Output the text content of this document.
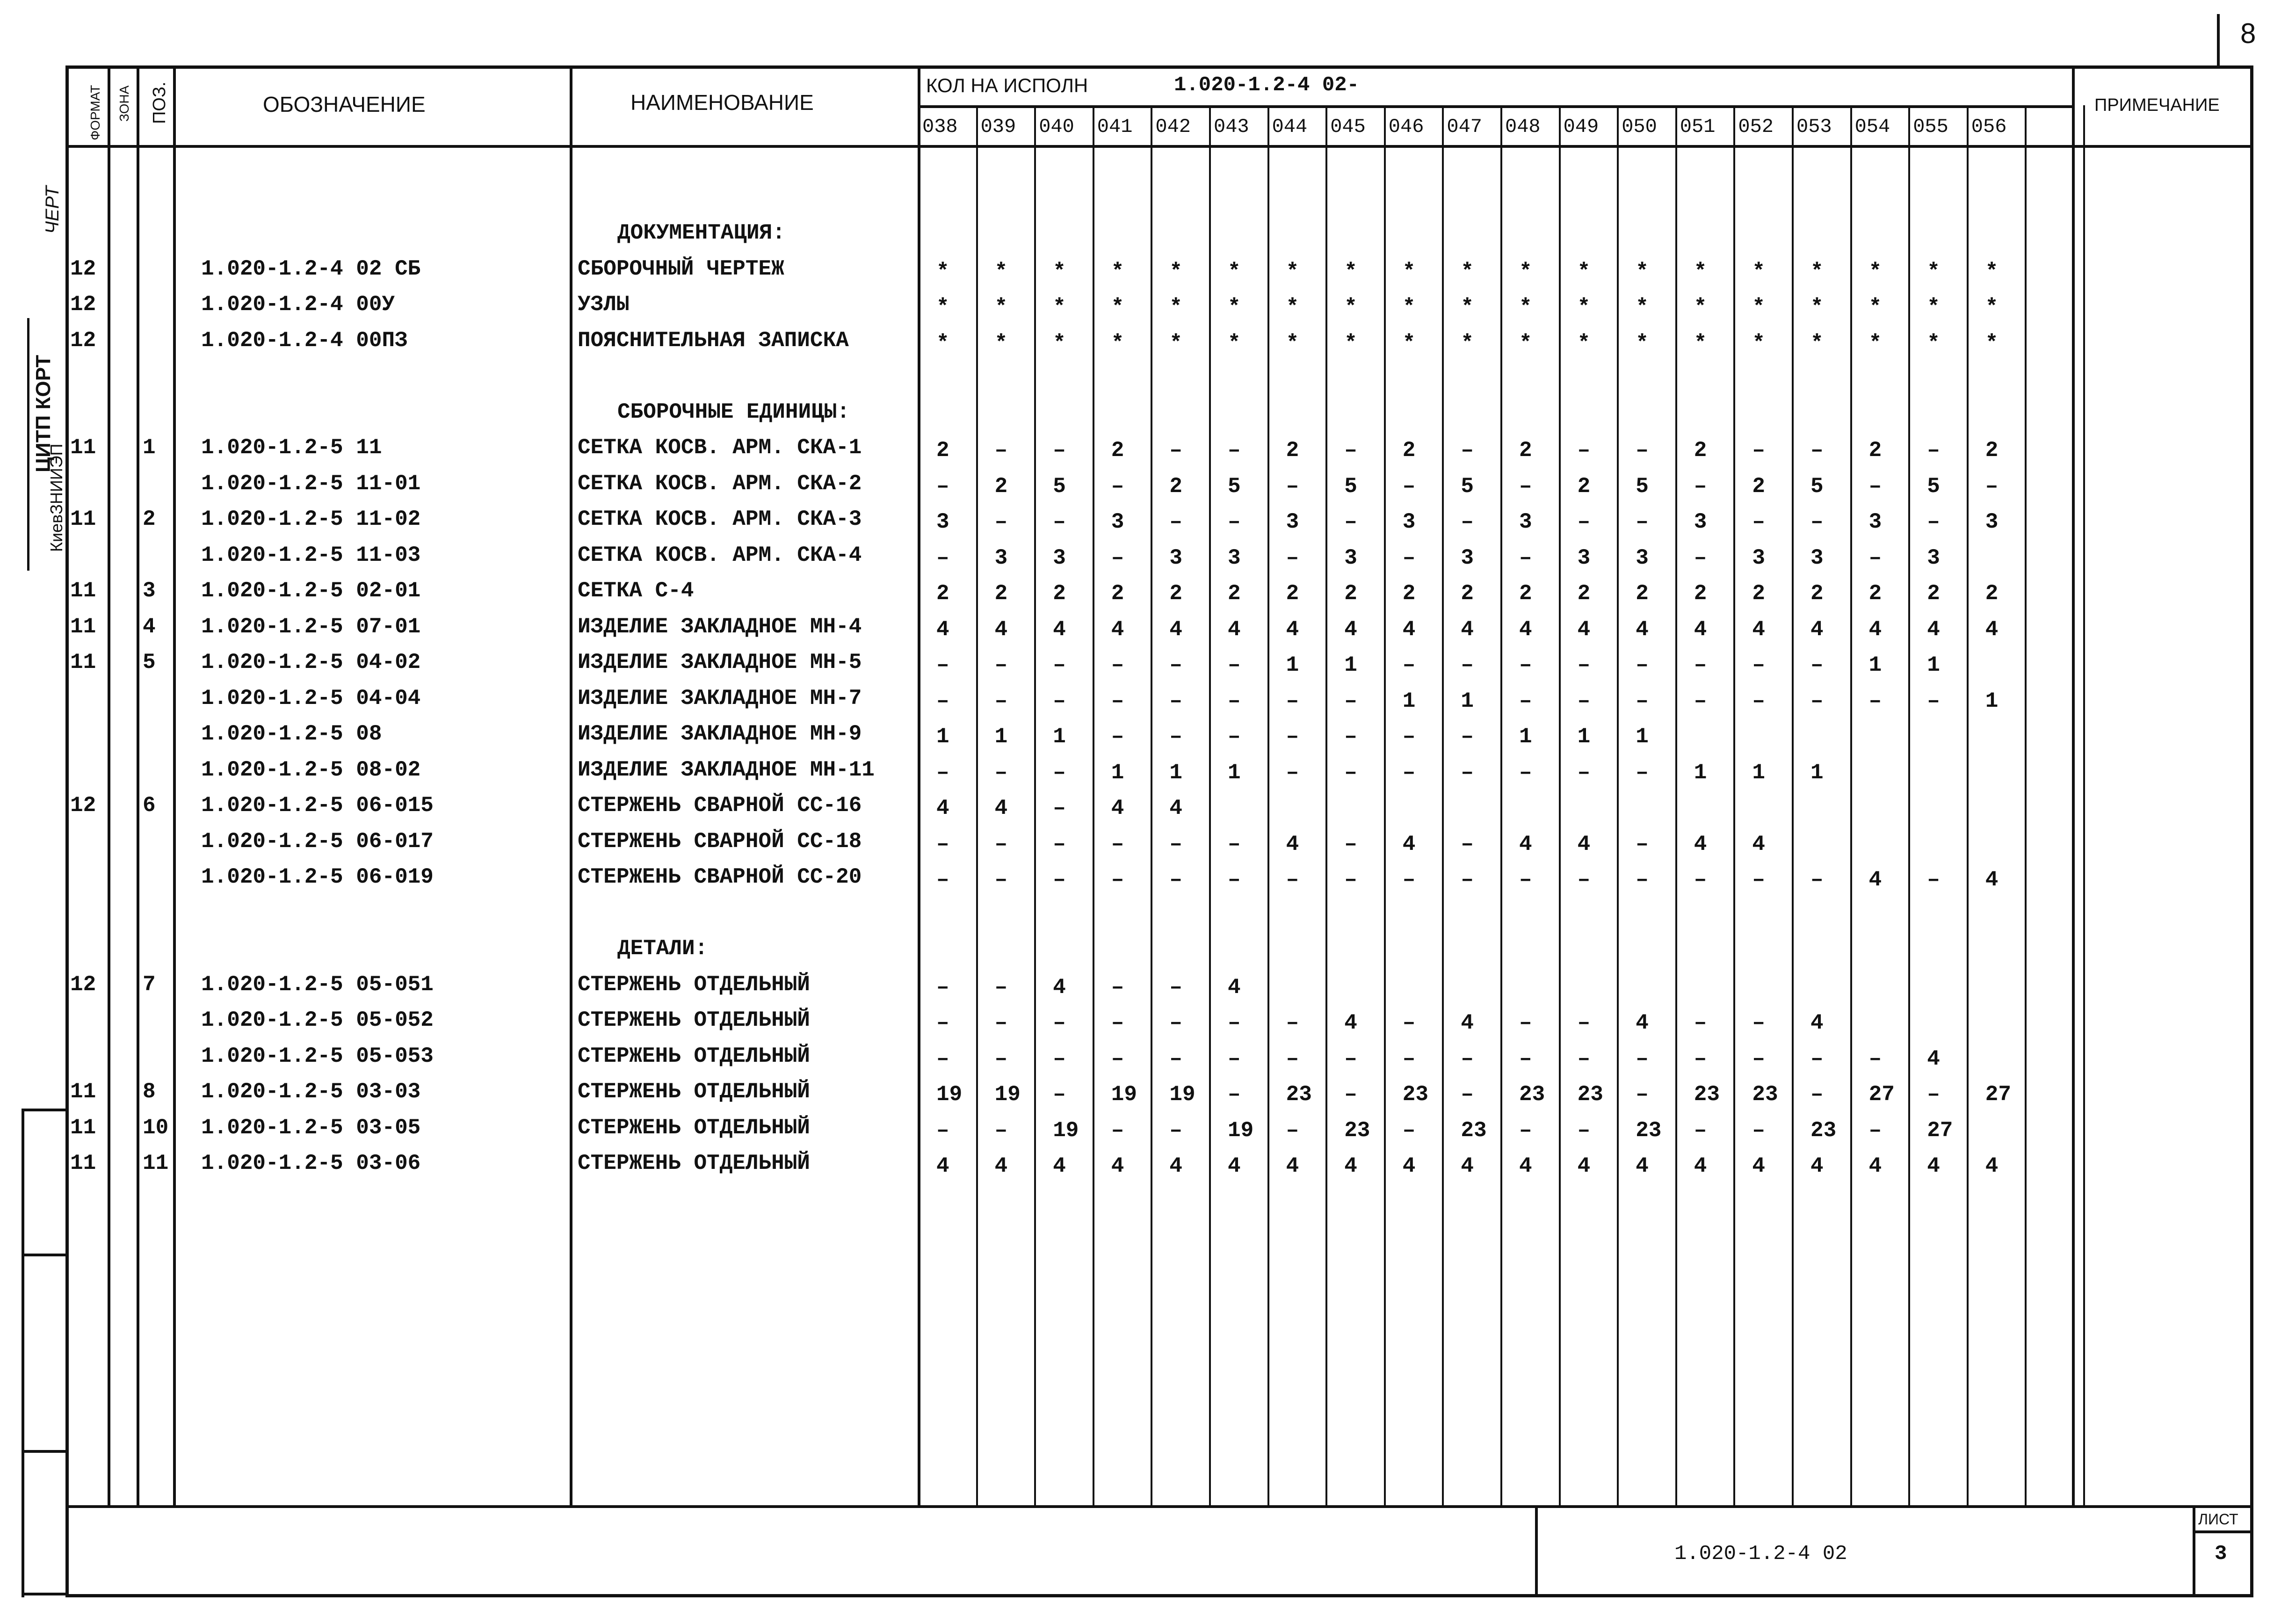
8
ЦИТП КОРТ
КиевЗНИИЭП
ЧЕРТ
ФОРМАТ ЗОНА ПОЗ.	ОБОЗНАЧЕНИЕ	НАИМЕНОВАНИЕ
КОЛ НА ИСПОЛН	1.020-1.2-4 02-
ПРИМЕЧАНИЕ
038 039 040 041 042 043 044 045 046 047 048 049 050 051 052 053 054 055 056
ДОКУМЕНТАЦИЯ:
12	1.020-1.2-4 02 СБ	СБОРОЧНЫЙ ЧЕРТЕЖ	* * * * * * * * * * * * * * * * * * *
12	1.020-1.2-4 00У	УЗЛЫ	* * * * * * * * * * * * * * * * * * *
12	1.020-1.2-4 00ПЗ	ПОЯСНИТЕЛЬНАЯ ЗАПИСКА	* * * * * * * * * * * * * * * * * * *
СБОРОЧНЫЕ ЕДИНИЦЫ:
11 1 1.020-1.2-5 11	СЕТКА КОСВ. АРМ. СКА-1	2 – – 2 – – 2 – 2 – 2 – – 2 – – 2 – 2
1.020-1.2-5 11-01	СЕТКА КОСВ. АРМ. СКА-2	– 2 5 – 2 5 – 5 – 5 – 2 5 – 2 5 – 5 –
11 2 1.020-1.2-5 11-02	СЕТКА КОСВ. АРМ. СКА-3	3 – – 3 – – 3 – 3 – 3 – – 3 – – 3 – 3
1.020-1.2-5 11-03	СЕТКА КОСВ. АРМ. СКА-4	– 3 3 – 3 3 – 3 – 3 – 3 3 – 3 3 – 3
11 3 1.020-1.2-5 02-01	СЕТКА С-4	2 2 2 2 2 2 2 2 2 2 2 2 2 2 2 2 2 2 2
11 4 1.020-1.2-5 07-01	ИЗДЕЛИЕ ЗАКЛАДНОЕ МН-4	4 4 4 4 4 4 4 4 4 4 4 4 4 4 4 4 4 4 4
11 5 1.020-1.2-5 04-02	ИЗДЕЛИЕ ЗАКЛАДНОЕ МН-5	– – – – – – 1 1 – – – – – – – – 1 1
1.020-1.2-5 04-04	ИЗДЕЛИЕ ЗАКЛАДНОЕ МН-7	– – – – – – – – 1 1 – – – – – – – – 1
1.020-1.2-5 08	ИЗДЕЛИЕ ЗАКЛАДНОЕ МН-9	1 1 1 – – – – – – – 1 1 1
1.020-1.2-5 08-02	ИЗДЕЛИЕ ЗАКЛАДНОЕ МН-11	– – – 1 1 1 – – – – – – – 1 1 1
12 6 1.020-1.2-5 06-015	СТЕРЖЕНЬ СВАРНОЙ СС-16	4 4 – 4 4
1.020-1.2-5 06-017	СТЕРЖЕНЬ СВАРНОЙ СС-18	– – – – – – 4 – 4 – 4 4 – 4 4
1.020-1.2-5 06-019	СТЕРЖЕНЬ СВАРНОЙ СС-20	– – – – – – – – – – – – – – – – 4 – 4
ДЕТАЛИ:
12 7 1.020-1.2-5 05-051	СТЕРЖЕНЬ ОТДЕЛЬНЫЙ	– – 4 – – 4
1.020-1.2-5 05-052	СТЕРЖЕНЬ ОТДЕЛЬНЫЙ	– – – – – – – 4 – 4 – – 4 – – 4
1.020-1.2-5 05-053	СТЕРЖЕНЬ ОТДЕЛЬНЫЙ	– – – – – – – – – – – – – – – – – 4
11 8 1.020-1.2-5 03-03	СТЕРЖЕНЬ ОТДЕЛЬНЫЙ	19 19 – 19 19 – 23 – 23 – 23 23 – 23 23 – 27 – 27
11 10 1.020-1.2-5 03-05	СТЕРЖЕНЬ ОТДЕЛЬНЫЙ	– – 19 – – 19 – 23 – 23 – – 23 – – 23 – 27
11 11 1.020-1.2-5 03-06	СТЕРЖЕНЬ ОТДЕЛЬНЫЙ	4 4 4 4 4 4 4 4 4 4 4 4 4 4 4 4 4 4 4
ЛИСТ
3
1.020-1.2-4 02
